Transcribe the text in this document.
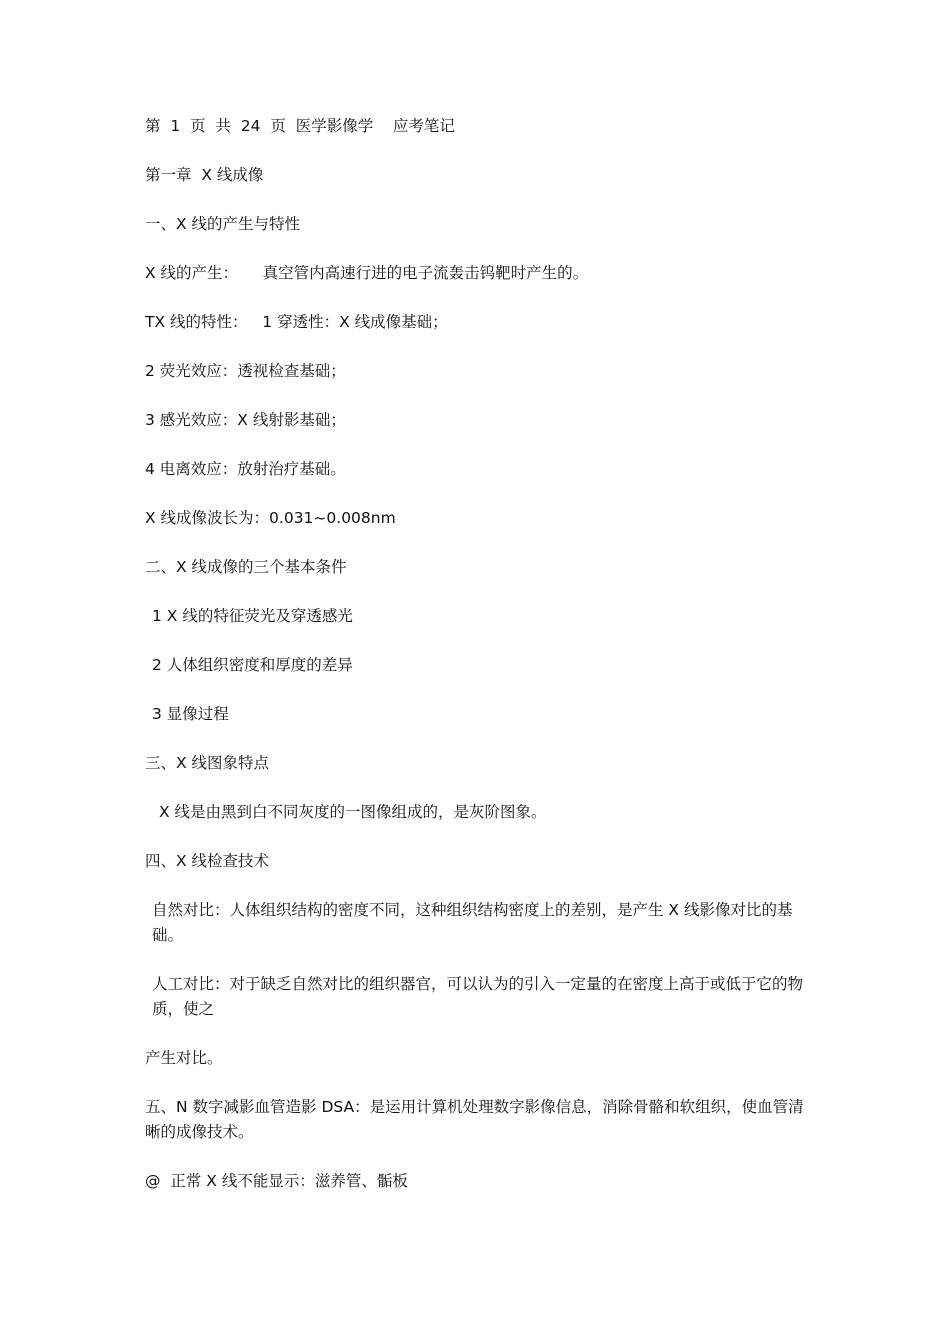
第  1  页  共  24  页  医学影像学    应考笔记

第一章  X 线成像

一、X 线的产生与特性

X 线的产生：     真空管内高速行进的电子流轰击钨靶时产生的。

TX 线的特性：   1 穿透性：X 线成像基础；

2 荧光效应：透视检查基础；

3 感光效应：X 线射影基础；

4 电离效应：放射治疗基础。

X 线成像波长为：0.031~0.008nm

二、X 线成像的三个基本条件

1 X 线的特征荧光及穿透感光

2 人体组织密度和厚度的差异

3 显像过程

三、X 线图象特点

X 线是由黑到白不同灰度的一图像组成的，是灰阶图象。

四、X 线检查技术

自然对比：人体组织结构的密度不同，这种组织结构密度上的差别，是产生 X 线影像对比的基础。

人工对比：对于缺乏自然对比的组织器官，可以认为的引入一定量的在密度上高于或低于它的物质，使之

产生对比。

五、N 数字减影血管造影 DSA：是运用计算机处理数字影像信息，消除骨骼和软组织，使血管清晰的成像技术。

@  正常 X 线不能显示：滋养管、骺板
